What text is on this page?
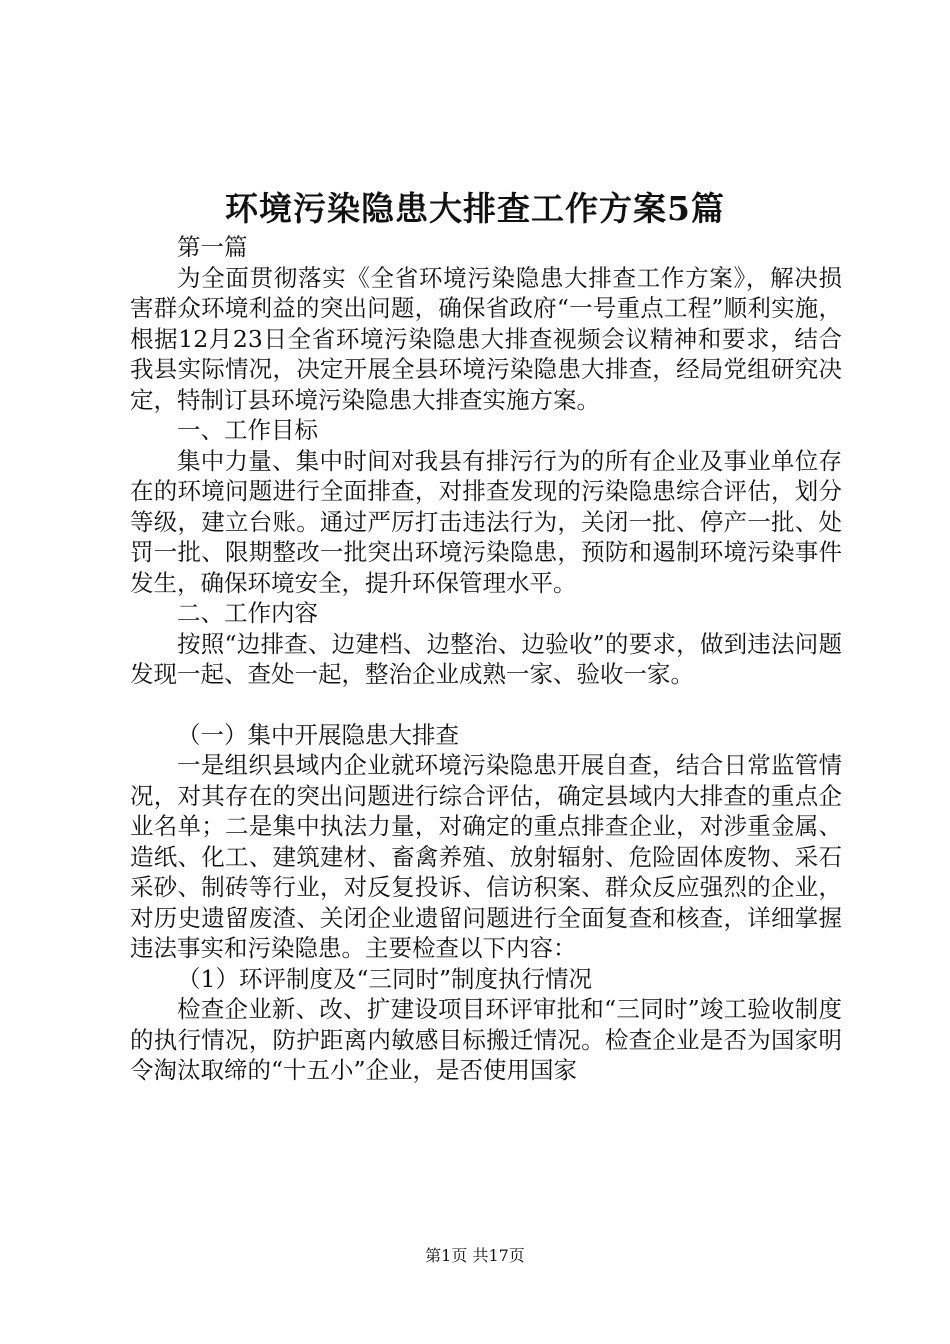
环境污染隐患大排查工作方案5篇

第一篇

为全面贯彻落实《全省环境污染隐患大排查工作方案》，解决损害群众环境利益的突出问题，确保省政府“一号重点工程”顺利实施，根据12月23日全省环境污染隐患大排查视频会议精神和要求，结合我县实际情况，决定开展全县环境污染隐患大排查，经局党组研究决定，特制订县环境污染隐患大排查实施方案。

一、工作目标

集中力量、集中时间对我县有排污行为的所有企业及事业单位存在的环境问题进行全面排查，对排查发现的污染隐患综合评估，划分等级，建立台账。通过严厉打击违法行为，关闭一批、停产一批、处罚一批、限期整改一批突出环境污染隐患，预防和遏制环境污染事件发生，确保环境安全，提升环保管理水平。

二、工作内容

按照“边排查、边建档、边整治、边验收”的要求，做到违法问题发现一起、查处一起，整治企业成熟一家、验收一家。

（一）集中开展隐患大排查

一是组织县域内企业就环境污染隐患开展自查，结合日常监管情况，对其存在的突出问题进行综合评估，确定县域内大排查的重点企业名单；二是集中执法力量，对确定的重点排查企业，对涉重金属、造纸、化工、建筑建材、畜禽养殖、放射辐射、危险固体废物、采石采砂、制砖等行业，对反复投诉、信访积案、群众反应强烈的企业，对历史遗留废渣、关闭企业遗留问题进行全面复查和核查，详细掌握违法事实和污染隐患。主要检查以下内容：

（1）环评制度及“三同时”制度执行情况

检查企业新、改、扩建设项目环评审批和“三同时”竣工验收制度的执行情况，防护距离内敏感目标搬迁情况。检查企业是否为国家明令淘汰取缔的“十五小”企业，是否使用国家

第1页 共17页
